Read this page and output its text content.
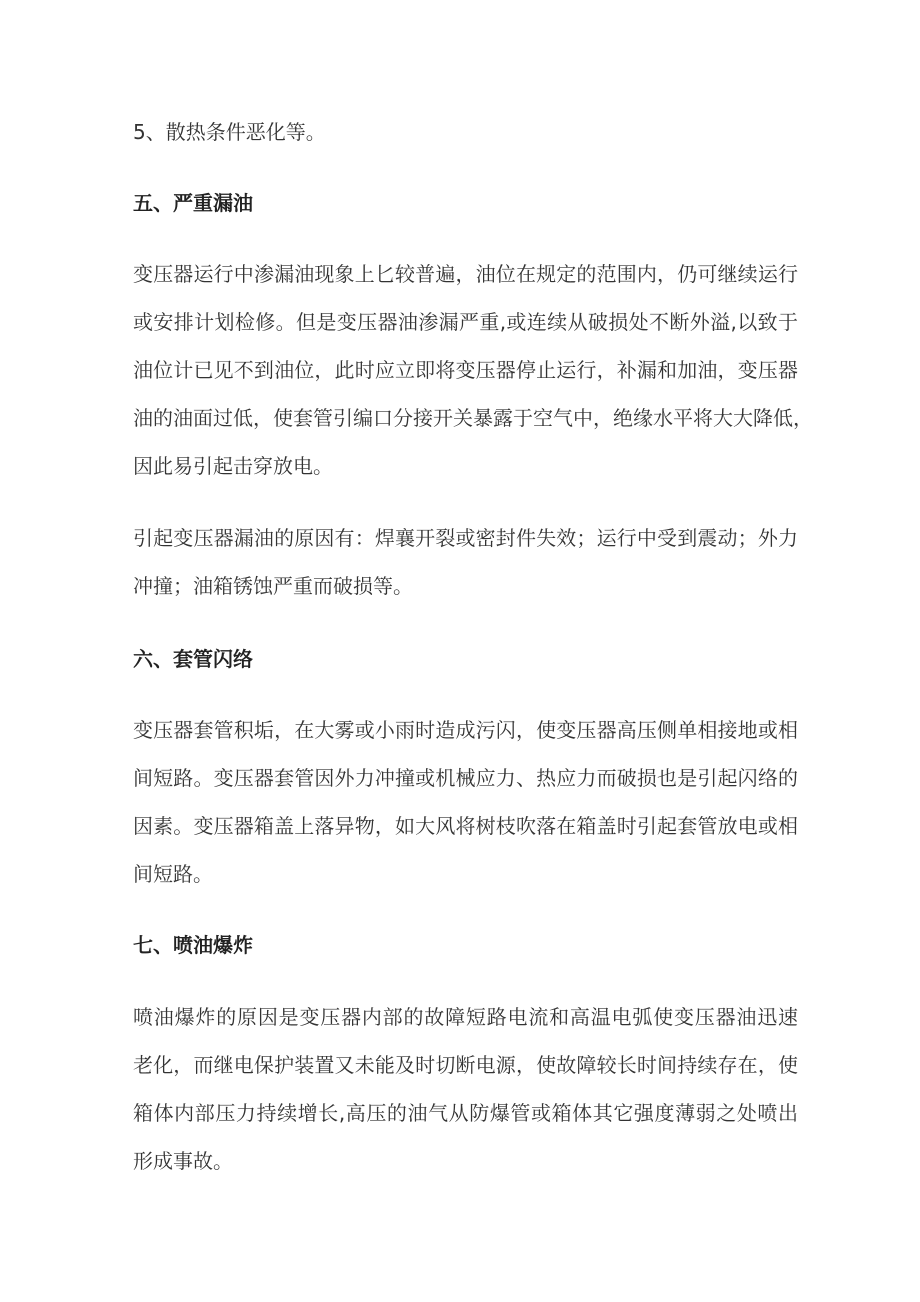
5、散热条件恶化等。
五、严重漏油
变压器运行中渗漏油现象上匕较普遍，油位在规定的范围内，仍可继续运行
或安排计划检修。但是变压器油渗漏严重,或连续从破损处不断外溢,以致于
油位计已见不到油位，此时应立即将变压器停止运行，补漏和加油，变压器
油的油面过低，使套管引编口分接开关暴露于空气中，绝缘水平将大大降低，
因此易引起击穿放电。
引起变压器漏油的原因有：焊襄开裂或密封件失效；运行中受到震动；外力
冲撞；油箱锈蚀严重而破损等。
六、套管闪络
变压器套管积垢，在大雾或小雨时造成污闪，使变压器高压侧单相接地或相
间短路。变压器套管因外力冲撞或机械应力、热应力而破损也是引起闪络的
因素。变压器箱盖上落异物，如大风将树枝吹落在箱盖时引起套管放电或相
间短路。
七、喷油爆炸
喷油爆炸的原因是变压器内部的故障短路电流和高温电弧使变压器油迅速
老化，而继电保护装置又未能及时切断电源，使故障较长时间持续存在，使
箱体内部压力持续增长,高压的油气从防爆管或箱体其它强度薄弱之处喷出
形成事故。
